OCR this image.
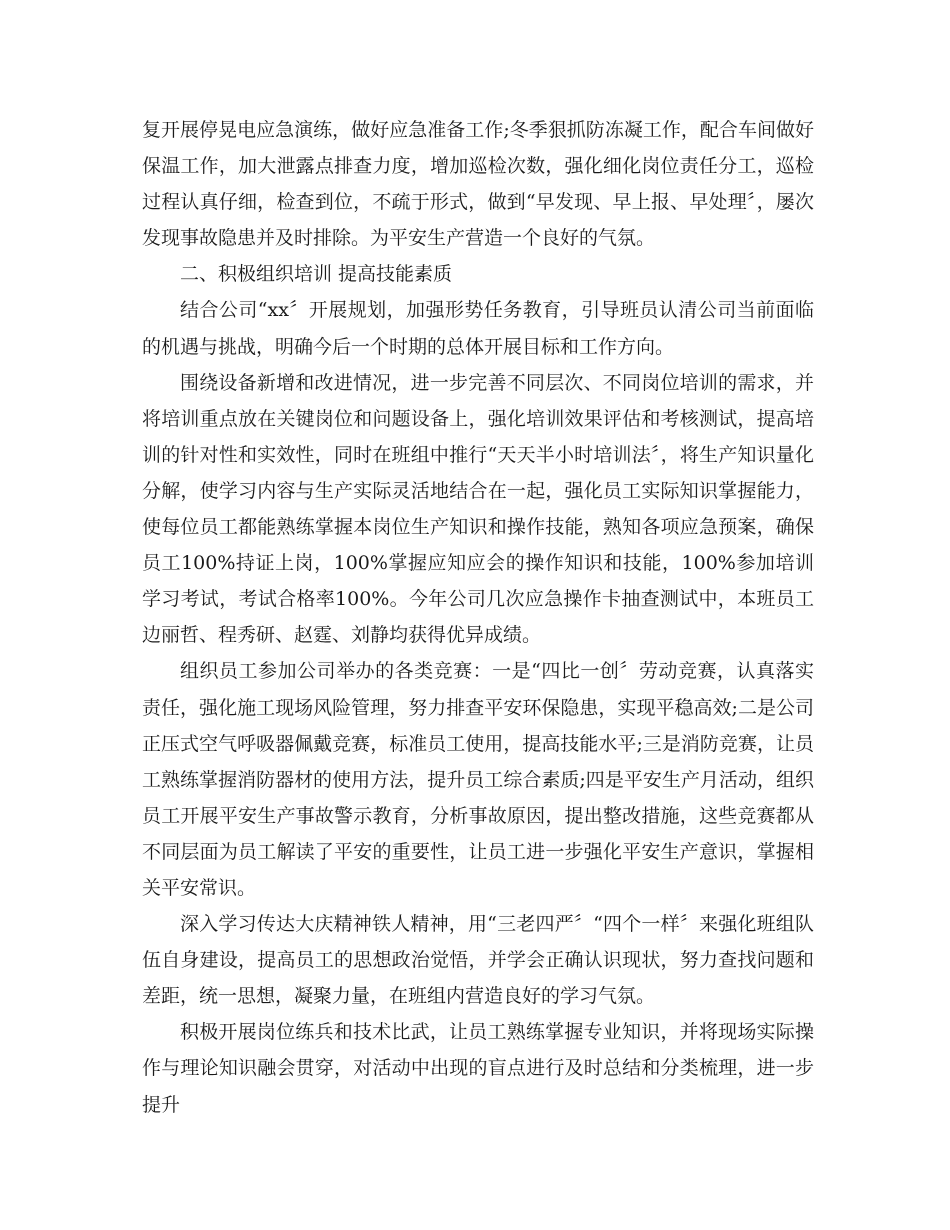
复开展停晃电应急演练，做好应急准备工作;冬季狠抓防冻凝工作，配合车间做好保温工作，加大泄露点排查力度，增加巡检次数，强化细化岗位责任分工，巡检过程认真仔细，检查到位，不疏于形式，做到“早发现、早上报、早处理〞，屡次发现事故隐患并及时排除。为平安生产营造一个良好的气氛。

二、积极组织培训 提高技能素质

结合公司“xx〞开展规划，加强形势任务教育，引导班员认清公司当前面临的机遇与挑战，明确今后一个时期的总体开展目标和工作方向。

围绕设备新增和改进情况，进一步完善不同层次、不同岗位培训的需求，并将培训重点放在关键岗位和问题设备上，强化培训效果评估和考核测试，提高培训的针对性和实效性，同时在班组中推行“天天半小时培训法〞，将生产知识量化分解，使学习内容与生产实际灵活地结合在一起，强化员工实际知识掌握能力，使每位员工都能熟练掌握本岗位生产知识和操作技能，熟知各项应急预案，确保员工100%持证上岗，100%掌握应知应会的操作知识和技能，100%参加培训学习考试，考试合格率100%。今年公司几次应急操作卡抽查测试中，本班员工边丽哲、程秀研、赵霆、刘静均获得优异成绩。

组织员工参加公司举办的各类竞赛：一是“四比一创〞劳动竞赛，认真落实责任，强化施工现场风险管理，努力排查平安环保隐患，实现平稳高效;二是公司正压式空气呼吸器佩戴竞赛，标准员工使用，提高技能水平;三是消防竞赛，让员工熟练掌握消防器材的使用方法，提升员工综合素质;四是平安生产月活动，组织员工开展平安生产事故警示教育，分析事故原因，提出整改措施，这些竞赛都从不同层面为员工解读了平安的重要性，让员工进一步强化平安生产意识，掌握相关平安常识。

深入学习传达大庆精神铁人精神，用“三老四严〞“四个一样〞来强化班组队伍自身建设，提高员工的思想政治觉悟，并学会正确认识现状，努力查找问题和差距，统一思想，凝聚力量，在班组内营造良好的学习气氛。

积极开展岗位练兵和技术比武，让员工熟练掌握专业知识，并将现场实际操作与理论知识融会贯穿，对活动中出现的盲点进行及时总结和分类梳理，进一步提升
